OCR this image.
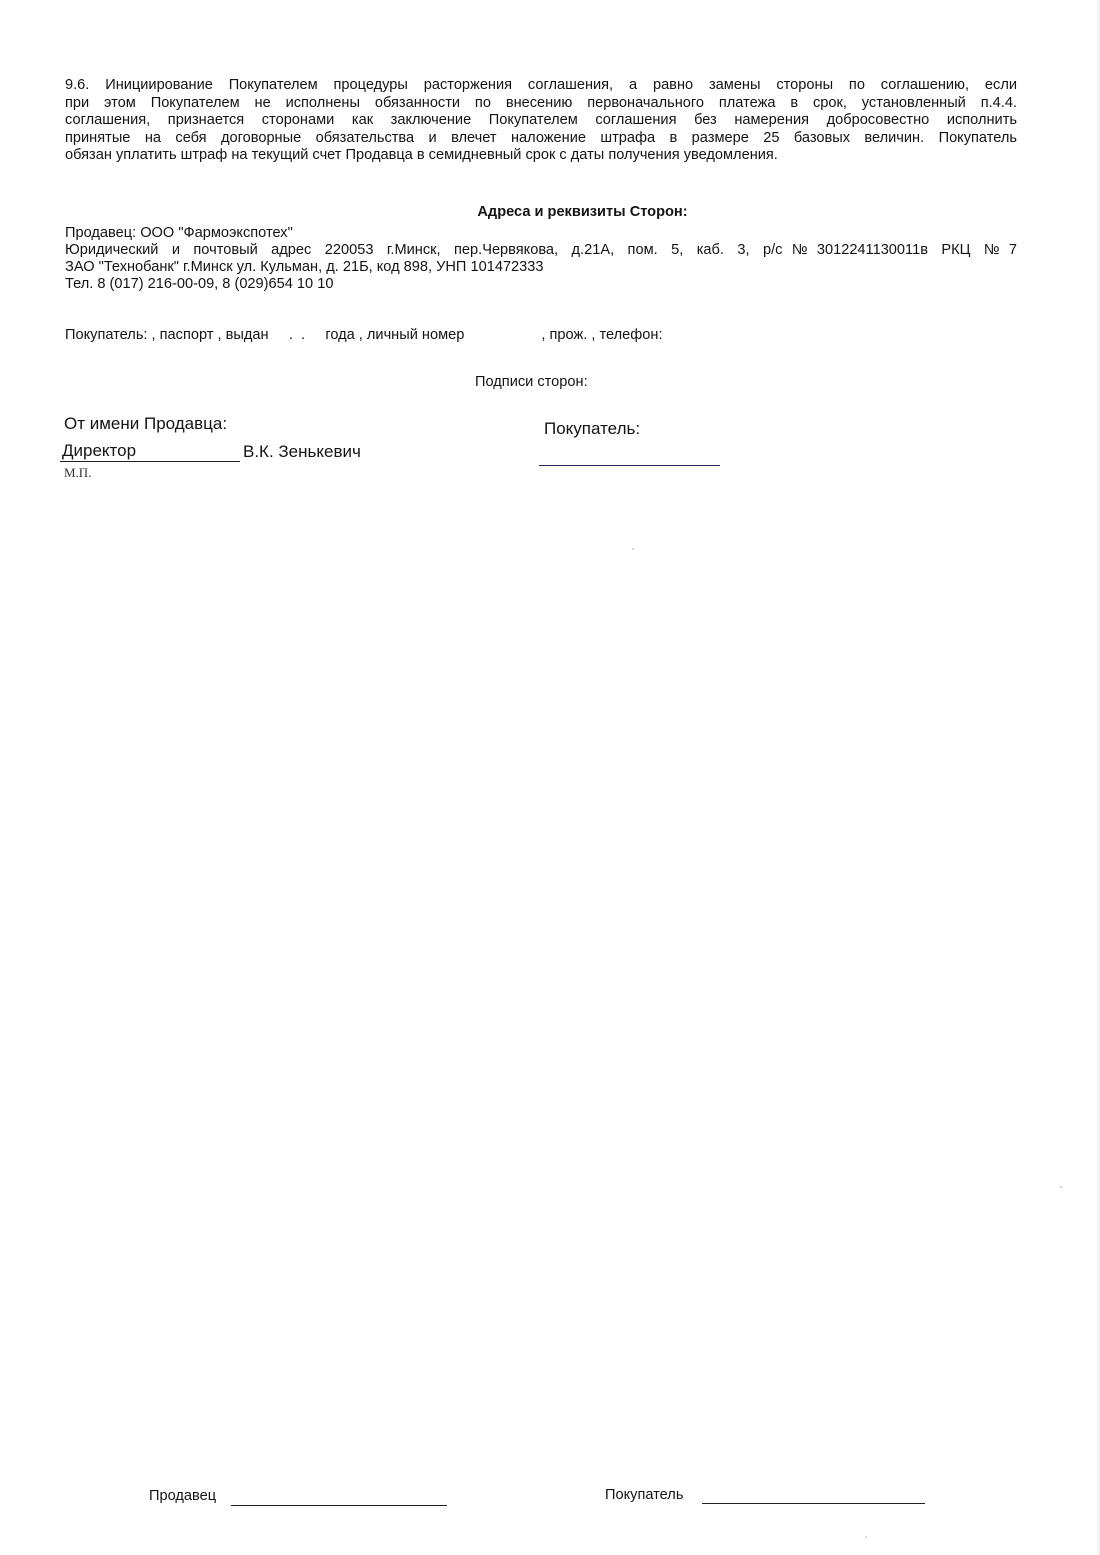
9.6. Инициирование Покупателем процедуры расторжения соглашения, а равно замены стороны по соглашению, если
при этом Покупателем не исполнены обязанности по внесению первоначального платежа в срок, установленный п.4.4.
соглашения, признается сторонами как заключение Покупателем соглашения без намерения добросовестно исполнить
принятые на себя договорные обязательства и влечет наложение штрафа в размере 25 базовых величин. Покупатель
обязан уплатить штраф на текущий счет Продавца в семидневный срок с даты получения уведомления.
Адреса и реквизиты Сторон:
Продавец: ООО "Фармоэкспотех"
Юридический и почтовый адрес 220053 г.Минск, пер.Червякова, д.21А, пом. 5, каб. 3, р/с№3012241130011в РКЦ №7
ЗАО "Технобанк" г.Минск ул. Кульман, д. 21Б, код 898, УНП 101472333
Тел. 8 (017) 216-00-09, 8 (029)654 10 10
Покупатель: , паспорт , выдан     .  .     года , личный номер                   , прож. , телефон:
Подписи сторон:
От имени Продавца:
Директор	В.К. Зенькевич
М.П.
Покупатель:
Продавец	Покупатель
